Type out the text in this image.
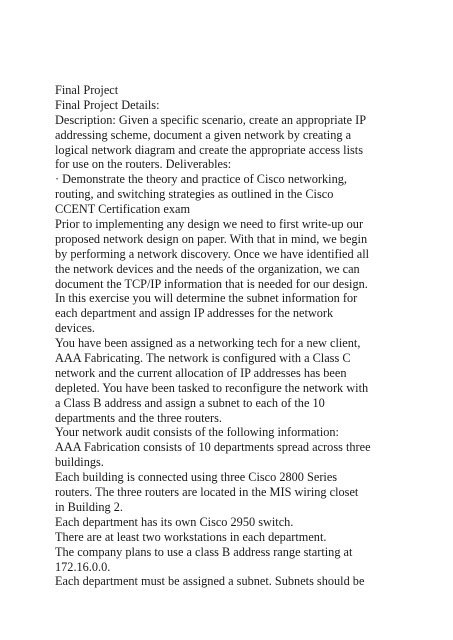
Final Project
Final Project Details:
Description: Given a specific scenario, create an appropriate IP
addressing scheme, document a given network by creating a
logical network diagram and create the appropriate access lists
for use on the routers. Deliverables:
· Demonstrate the theory and practice of Cisco networking,
routing, and switching strategies as outlined in the Cisco
CCENT Certification exam
Prior to implementing any design we need to first write-up our
proposed network design on paper. With that in mind, we begin
by performing a network discovery. Once we have identified all
the network devices and the needs of the organization, we can
document the TCP/IP information that is needed for our design.
In this exercise you will determine the subnet information for
each department and assign IP addresses for the network
devices.
You have been assigned as a networking tech for a new client,
AAA Fabricating. The network is configured with a Class C
network and the current allocation of IP addresses has been
depleted. You have been tasked to reconfigure the network with
a Class B address and assign a subnet to each of the 10
departments and the three routers.
Your network audit consists of the following information:
AAA Fabrication consists of 10 departments spread across three
buildings.
Each building is connected using three Cisco 2800 Series
routers. The three routers are located in the MIS wiring closet
in Building 2.
Each department has its own Cisco 2950 switch.
There are at least two workstations in each department.
The company plans to use a class B address range starting at
172.16.0.0.
Each department must be assigned a subnet. Subnets should be
